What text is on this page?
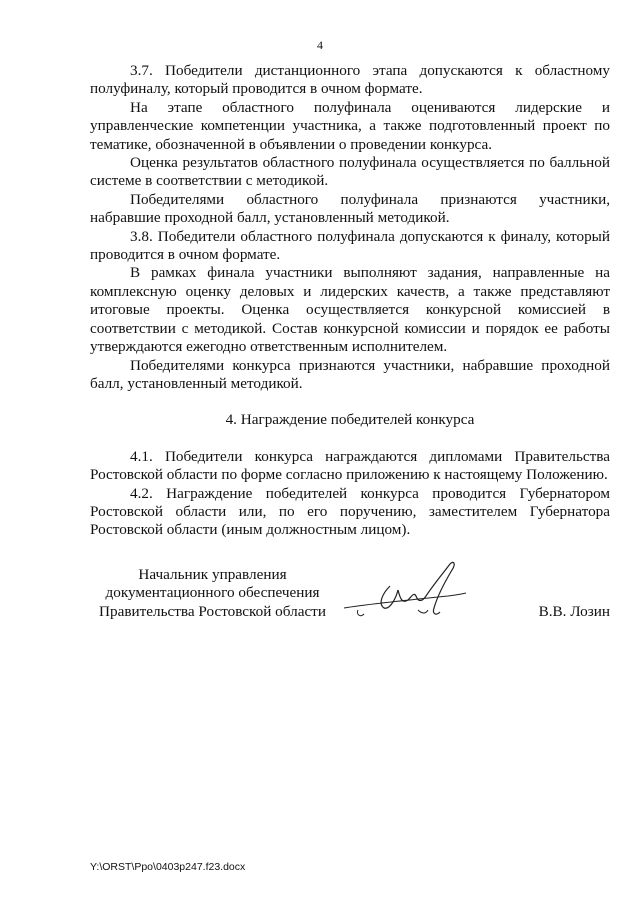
4

3.7. Победители дистанционного этапа допускаются к областному полуфиналу, который проводится в очном формате.

На этапе областного полуфинала оцениваются лидерские и управленческие компетенции участника, а также подготовленный проект по тематике, обозначенной в объявлении о проведении конкурса.

Оценка результатов областного полуфинала осуществляется по балльной системе в соответствии с методикой.

Победителями областного полуфинала признаются участники, набравшие проходной балл, установленный методикой.

3.8. Победители областного полуфинала допускаются к финалу, который проводится в очном формате.

В рамках финала участники выполняют задания, направленные на комплексную оценку деловых и лидерских качеств, а также представляют итоговые проекты. Оценка осуществляется конкурсной комиссией в соответствии с методикой. Состав конкурсной комиссии и порядок ее работы утверждаются ежегодно ответственным исполнителем.

Победителями конкурса признаются участники, набравшие проходной балл, установленный методикой.

4. Награждение победителей конкурса

4.1. Победители конкурса награждаются дипломами Правительства Ростовской области по форме согласно приложению к настоящему Положению.

4.2. Награждение победителей конкурса проводится Губернатором Ростовской области или, по его поручению, заместителем Губернатора Ростовской области (иным должностным лицом).

Начальник управления
документационного обеспечения
Правительства Ростовской области	В.В. Лозин
Y:\ORST\Ppo\0403p247.f23.docx
